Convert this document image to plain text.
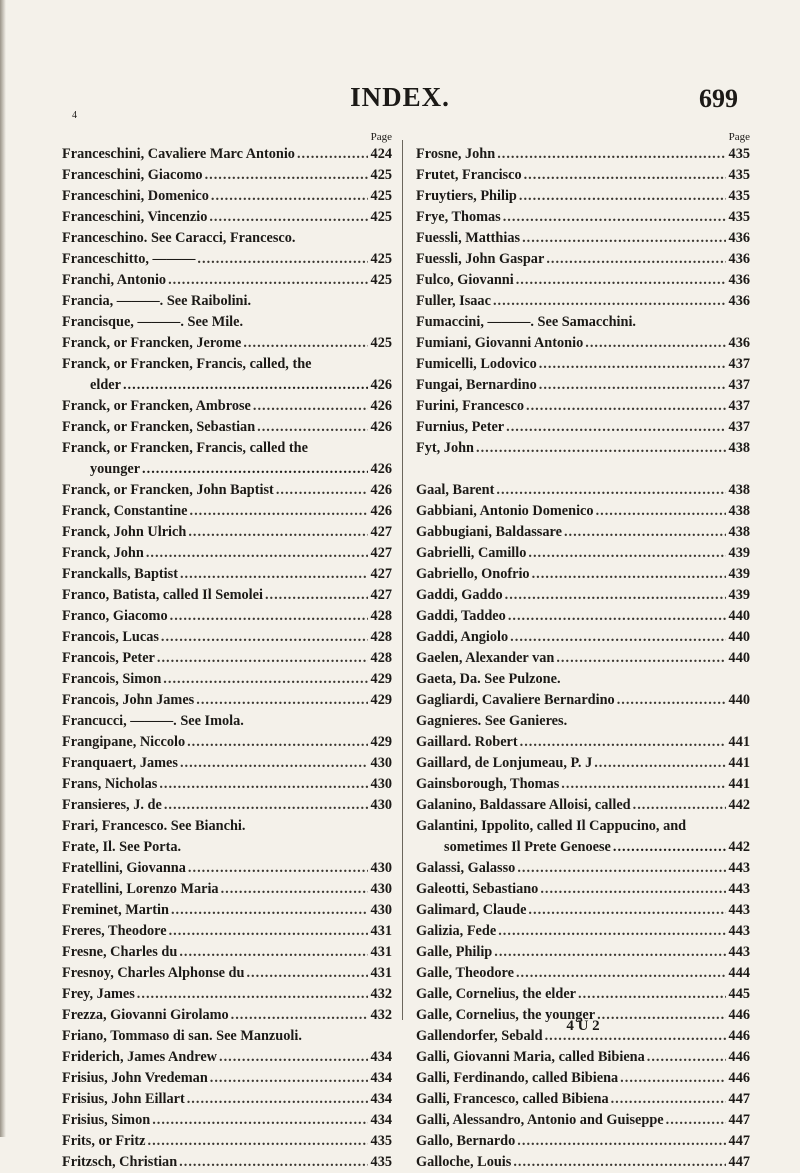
INDEX.	699
4
Page
Franceschini, Cavaliere Marc Antonio .....	424
Franceschini, Giacomo .....	425
Franceschini, Domenico .....	425
Franceschini, Vincenzio .....	425
Franceschino. See Caracci, Francesco.
Franceschitto, ——— .....	425
Franchi, Antonio .....	425
Francia, ———. See Raibolini.
Francisque, ———. See Mile.
Franck, or Francken, Jerome .....	425
Franck, or Francken, Francis, called, the
elder .....	426
Franck, or Francken, Ambrose .....	426
Franck, or Francken, Sebastian .....	426
Franck, or Francken, Francis, called the
younger .....	426
Franck, or Francken, John Baptist .....	426
Franck, Constantine .....	426
Franck, John Ulrich .....	427
Franck, John .....	427
Franckalls, Baptist .....	427
Franco, Batista, called Il Semolei .....	427
Franco, Giacomo .....	428
Francois, Lucas .....	428
Francois, Peter .....	428
Francois, Simon .....	429
Francois, John James .....	429
Francucci, ———. See Imola.
Frangipane, Niccolo .....	429
Franquaert, James .....	430
Frans, Nicholas .....	430
Fransieres, J. de .....	430
Frari, Francesco. See Bianchi.
Frate, Il. See Porta.
Fratellini, Giovanna .....	430
Fratellini, Lorenzo Maria .....	430
Freminet, Martin .....	430
Freres, Theodore .....	431
Fresne, Charles du .....	431
Fresnoy, Charles Alphonse du .....	431
Frey, James .....	432
Frezza, Giovanni Girolamo .....	432
Friano, Tommaso di san. See Manzuoli.
Friderich, James Andrew .....	434
Frisius, John Vredeman .....	434
Frisius, John Eillart .....	434
Frisius, Simon .....	434
Frits, or Fritz .....	435
Fritzsch, Christian .....	435
Page
Frosne, John .....	435
Frutet, Francisco .....	435
Fruytiers, Philip .....	435
Frye, Thomas .....	435
Fuessli, Matthias .....	436
Fuessli, John Gaspar .....	436
Fulco, Giovanni .....	436
Fuller, Isaac .....	436
Fumaccini, ———. See Samacchini.
Fumiani, Giovanni Antonio .....	436
Fumicelli, Lodovico .....	437
Fungai, Bernardino .....	437
Furini, Francesco .....	437
Furnius, Peter .....	437
Fyt, John .....	438
Gaal, Barent .....	438
Gabbiani, Antonio Domenico .....	438
Gabbugiani, Baldassare .....	438
Gabrielli, Camillo .....	439
Gabriello, Onofrio .....	439
Gaddi, Gaddo .....	439
Gaddi, Taddeo .....	440
Gaddi, Angiolo .....	440
Gaelen, Alexander van .....	440
Gaeta, Da. See Pulzone.
Gagliardi, Cavaliere Bernardino .....	440
Gagnieres. See Ganieres.
Gaillard. Robert .....	441
Gaillard, de Lonjumeau, P. J .....	441
Gainsborough, Thomas .....	441
Galanino, Baldassare Alloisi, called .....	442
Galantini, Ippolito, called Il Cappucino, and
sometimes Il Prete Genoese .....	442
Galassi, Galasso .....	443
Galeotti, Sebastiano .....	443
Galimard, Claude .....	443
Galizia, Fede .....	443
Galle, Philip .....	443
Galle, Theodore .....	444
Galle, Cornelius, the elder .....	445
Galle, Cornelius, the younger .....	446
Gallendorfer, Sebald .....	446
Galli, Giovanni Maria, called Bibiena .....	446
Galli, Ferdinando, called Bibiena .....	446
Galli, Francesco, called Bibiena .....	447
Galli, Alessandro, Antonio and Guiseppe .....	447
Gallo, Bernardo .....	447
Galloche, Louis .....	447
4 U 2
